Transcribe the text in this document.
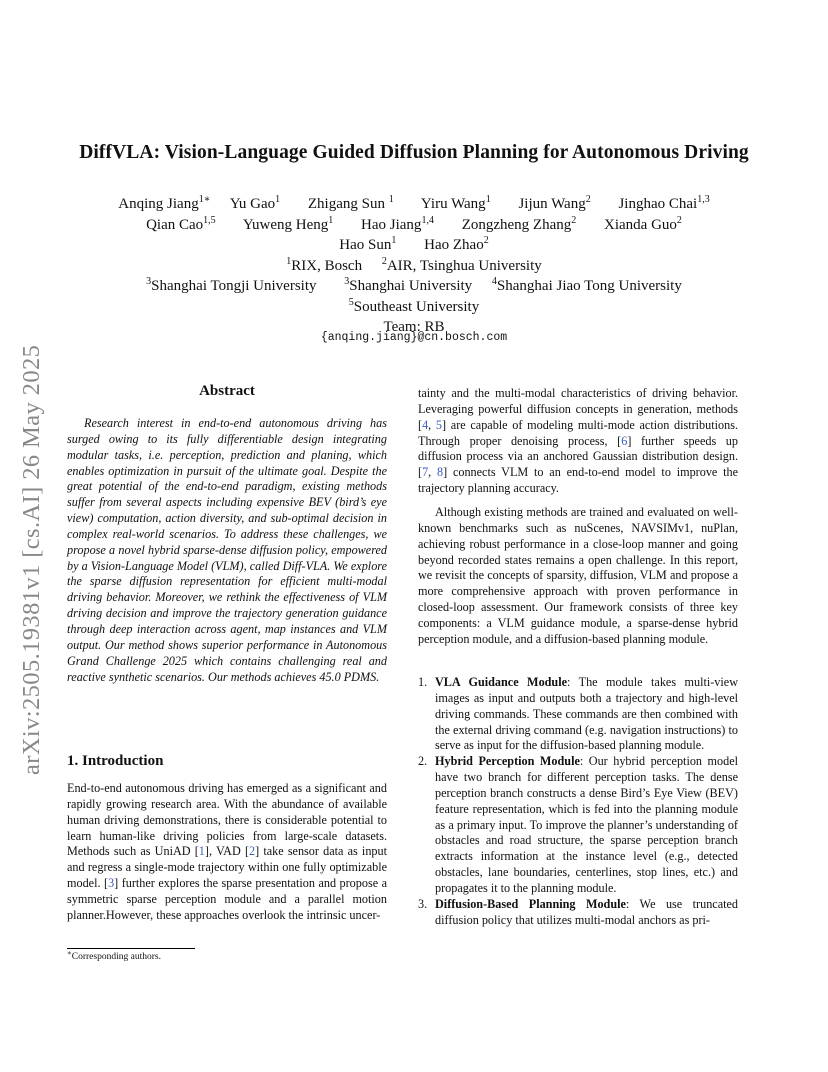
arXiv:2505.19381v1 [cs.AI] 26 May 2025
DiffVLA: Vision-Language Guided Diffusion Planning for Autonomous Driving
Anqing Jiang$^{1∗}$ Yu Gao$^1$ Zhigang Sun $^1$ Yiru Wang$^1$ Jijun Wang$^2$ Jinghao Chai$^{1,3}$
Qian Cao$^{1,5}$ Yuweng Heng$^1$ Hao Jiang$^{1,4}$ Zongzheng Zhang$^2$ Xianda Guo$^2$
Hao Sun$^1$ Hao Zhao$^2$
$^1$RIX, Bosch $^2$AIR, Tsinghua University
$^3$Shanghai Tongji University	$^3$Shanghai University $^4$Shanghai Jiao Tong University
$^5$Southeast University
Team: RB
{anqing.jiang}@cn.bosch.com
Abstract
Research interest in end-to-end autonomous driving has surged owing to its fully differentiable design integrating modular tasks, i.e. perception, prediction and planing, which enables optimization in pursuit of the ultimate goal. Despite the great potential of the end-to-end paradigm, existing methods suffer from several aspects including expensive BEV (bird’s eye view) computation, action diversity, and sub-optimal decision in complex real-world scenarios. To address these challenges, we propose a novel hybrid sparse-dense diffusion policy, empowered by a Vision-Language Model (VLM), called Diff-VLA. We explore the sparse diffusion representation for efficient multi-modal driving behavior. Moreover, we rethink the effectiveness of VLM driving decision and improve the trajectory generation guidance through deep interaction across agent, map instances and VLM output. Our method shows superior performance in Autonomous Grand Challenge 2025 which contains challenging real and reactive synthetic scenarios. Our methods achieves 45.0 PDMS.
1. Introduction
End-to-end autonomous driving has emerged as a significant and rapidly growing research area. With the abundance of available human driving demonstrations, there is considerable potential to learn human-like driving policies from large-scale datasets. Methods such as UniAD [1], VAD [2] take sensor data as input and regress a single-mode trajectory within one fully optimizable model. [3] further explores the sparse presentation and propose a symmetric sparse perception module and a parallel motion planner.However, these approaches overlook the intrinsic uncer-
∗Corresponding authors.
tainty and the multi-modal characteristics of driving behavior. Leveraging powerful diffusion concepts in generation, methods [4, 5] are capable of modeling multi-mode action distributions. Through proper denoising process, [6] further speeds up diffusion process via an anchored Gaussian distribution design. [7, 8] connects VLM to an end-to-end model to improve the trajectory planning accuracy.
Although existing methods are trained and evaluated on well-known benchmarks such as nuScenes, NAVSIMv1, nuPlan, achieving robust performance in a close-loop manner and going beyond recorded states remains a open challenge. In this report, we revisit the concepts of sparsity, diffusion, VLM and propose a more comprehensive approach with proven performance in closed-loop assessment. Our framework consists of three key components: a VLM guidance module, a sparse-dense hybrid perception module, and a diffusion-based planning module.
1. VLA Guidance Module: The module takes multi-view images as input and outputs both a trajectory and high-level driving commands. These commands are then combined with the external driving command (e.g. navigation instructions) to serve as input for the diffusion-based planning module.
2. Hybrid Perception Module: Our hybrid perception model have two branch for different perception tasks. The dense perception branch constructs a dense Bird’s Eye View (BEV) feature representation, which is fed into the planning module as a primary input. To improve the planner’s understanding of obstacles and road structure, the sparse perception branch extracts information at the instance level (e.g., detected obstacles, lane boundaries, centerlines, stop lines, etc.) and propagates it to the planning module.
3. Diffusion-Based Planning Module: We use truncated diffusion policy that utilizes multi-modal anchors as pri-
